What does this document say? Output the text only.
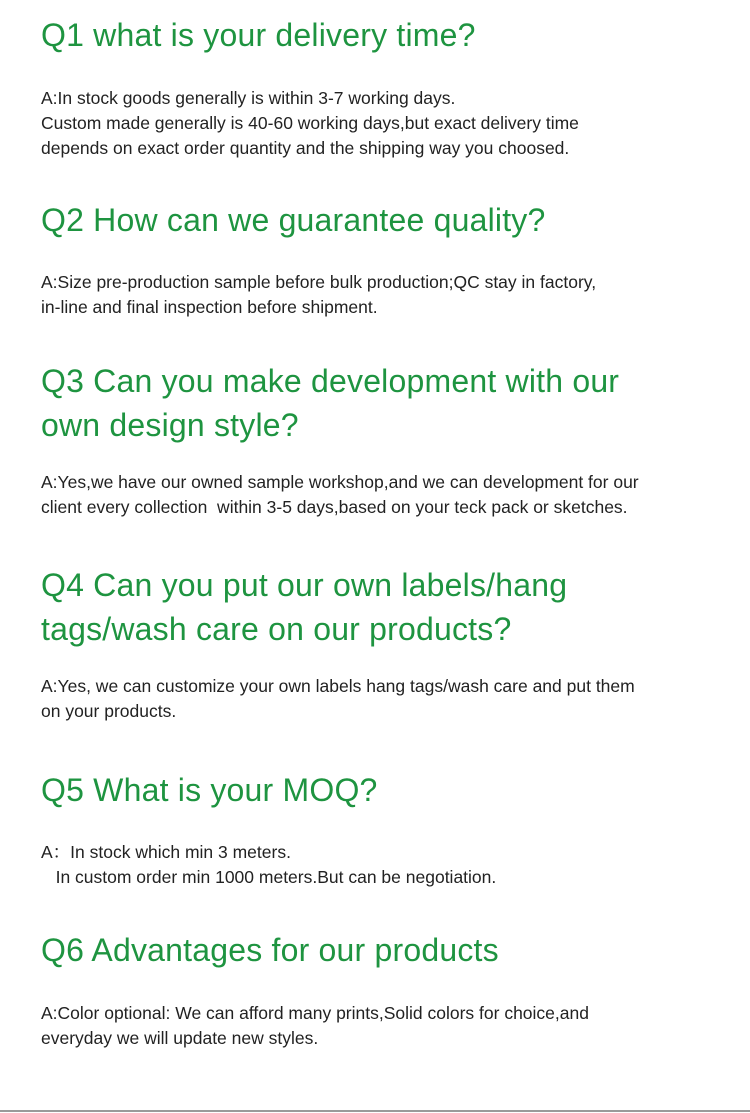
Q1 what is your delivery time?

A:In stock goods generally is within 3-7 working days.
Custom made generally is 40-60 working days,but exact delivery time
depends on exact order quantity and the shipping way you choosed.

Q2 How can we guarantee quality?

A:Size pre-production sample before bulk production;QC stay in factory,
in-line and final inspection before shipment.

Q3 Can you make development with our
own design style?

A:Yes,we have our owned sample workshop,and we can development for our
client every collection  within 3-5 days,based on your teck pack or sketches.

Q4 Can you put our own labels/hang
tags/wash care on our products?

A:Yes, we can customize your own labels hang tags/wash care and put them
on your products.

Q5 What is your MOQ?

A：In stock which min 3 meters.
In custom order min 1000 meters.But can be negotiation.

Q6 Advantages for our products

A:Color optional: We can afford many prints,Solid colors for choice,and
everyday we will update new styles.
